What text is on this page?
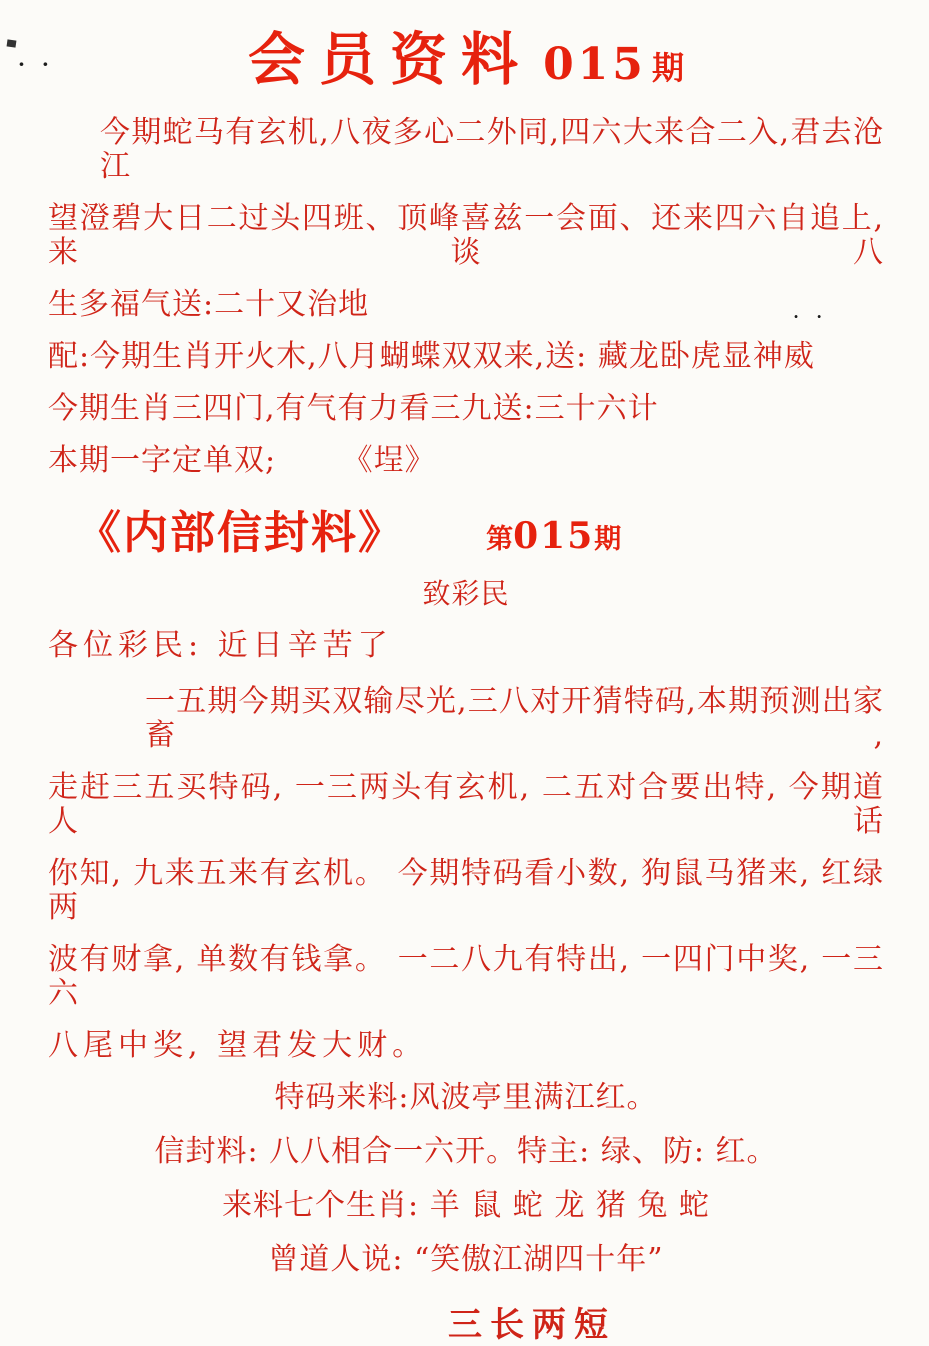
· ·	会员资料 015 期

今期蛇马有玄机,八夜多心二外同,四六大来合二入,君去沧江

望澄碧大日二过头四班、顶峰喜兹一会面、还来四六自追上,来谈八

生多福气送:二十又治地	· ·

配:今期生肖开火木,八月蝴蝶双双来,送: 藏龙卧虎显神威

今期生肖三四门,有气有力看三九送:三十六计

本期一字定单双; 《埕》

《内部信封料》	第015期

致彩民

各位彩民: 近日辛苦了

一五期今期买双输尽光,三八对开猜特码,本期预测出家畜,

走赶三五买特码, 一三两头有玄机, 二五对合要出特, 今期道人话

你知, 九来五来有玄机。 今期特码看小数, 狗鼠马猪来, 红绿两

波有财拿, 单数有钱拿。 一二八九有特出, 一四门中奖, 一三六

八尾中奖, 望君发大财。

特码来料:风波亭里满江红。

信封料: 八八相合一六开。特主: 绿、防: 红。

来料七个生肖: 羊 鼠 蛇 龙 猪 兔 蛇

曾道人说: “笑傲江湖四十年”

三长两短
